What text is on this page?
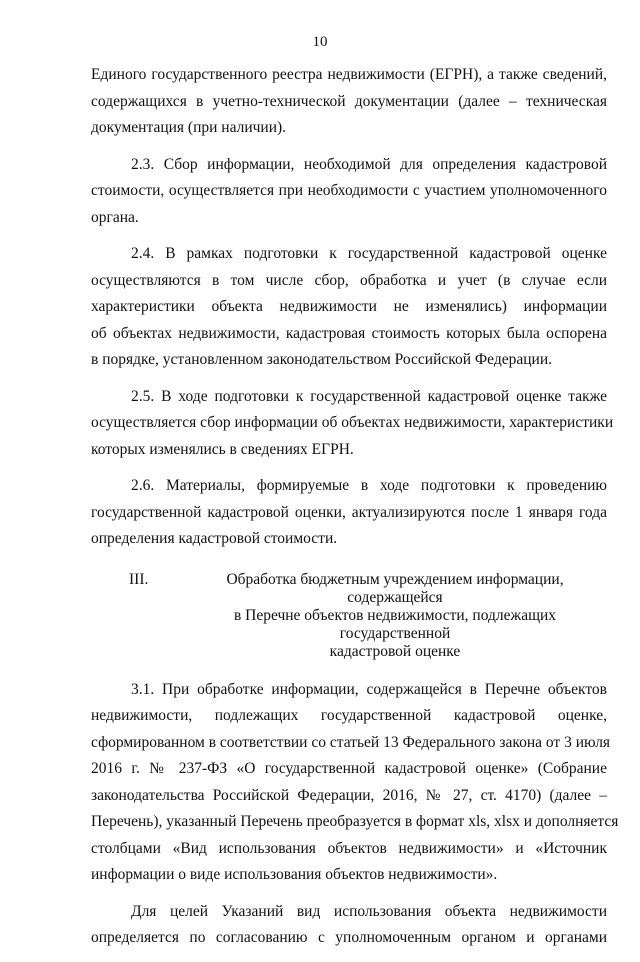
10

Единого государственного реестра недвижимости (ЕГРН), а также сведений,
содержащихся в учетно-технической документации (далее – техническая
документация (при наличии).

2.3. Сбор информации, необходимой для определения кадастровой
стоимости, осуществляется при необходимости с участием уполномоченного
органа.

2.4. В рамках подготовки к государственной кадастровой оценке
осуществляются в том числе сбор, обработка и учет (в случае если
характеристики объекта недвижимости не изменялись) информации
об объектах недвижимости, кадастровая стоимость которых была оспорена
в порядке, установленном законодательством Российской Федерации.

2.5. В ходе подготовки к государственной кадастровой оценке также
осуществляется сбор информации об объектах недвижимости, характеристики
которых изменялись в сведениях ЕГРН.

2.6. Материалы, формируемые в ходе подготовки к проведению
государственной кадастровой оценки, актуализируются после 1 января года
определения кадастровой стоимости.

III.	Обработка бюджетным учреждением информации, содержащейся
в Перечне объектов недвижимости, подлежащих государственной
кадастровой оценке

3.1. При обработке информации, содержащейся в Перечне объектов
недвижимости, подлежащих государственной кадастровой оценке,
сформированном в соответствии со статьей 13 Федерального закона от 3 июля
2016 г. № 237-ФЗ «О государственной кадастровой оценке» (Собрание
законодательства Российской Федерации, 2016, № 27, ст. 4170) (далее –
Перечень), указанный Перечень преобразуется в формат xls, xlsx и дополняется
столбцами «Вид использования объектов недвижимости» и «Источник
информации о виде использования объектов недвижимости».

Для целей Указаний вид использования объекта недвижимости
определяется по согласованию с уполномоченным органом и органами
